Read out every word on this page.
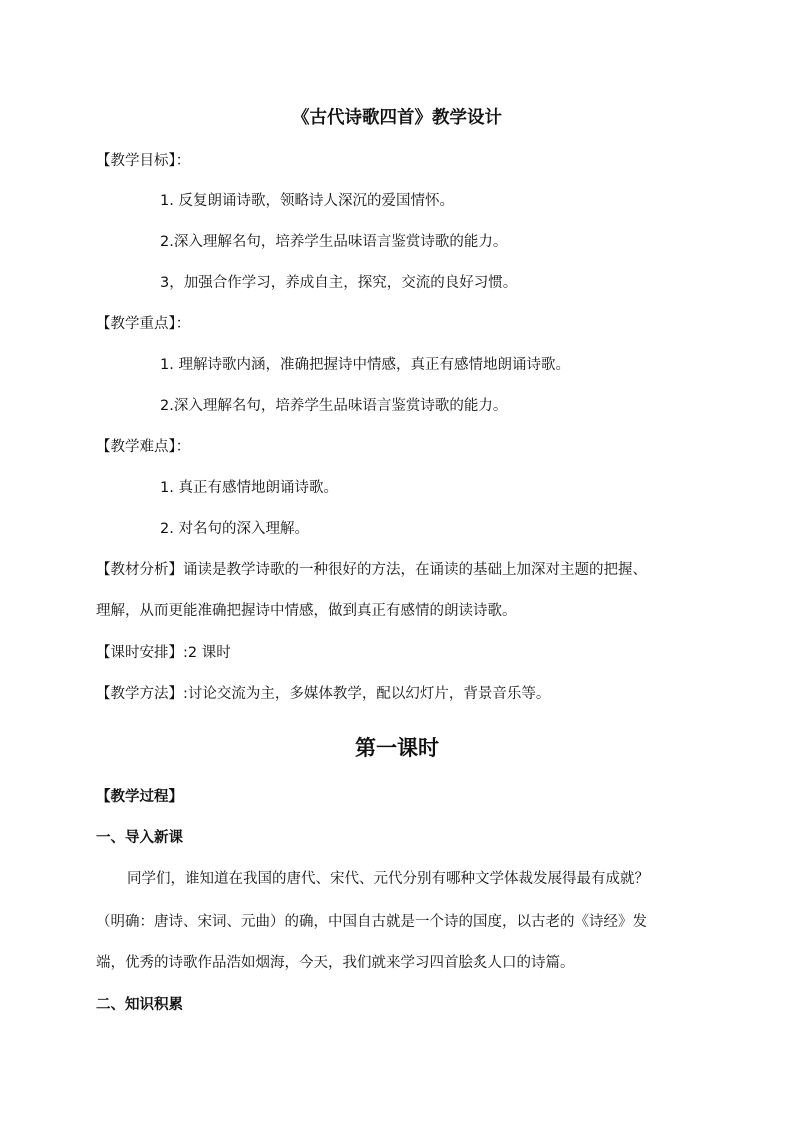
《古代诗歌四首》教学设计
【教学目标】：
1. 反复朗诵诗歌，领略诗人深沉的爱国情怀。
2.深入理解名句，培养学生品味语言鉴赏诗歌的能力。
3，加强合作学习，养成自主，探究，交流的良好习惯。
【教学重点】：
1. 理解诗歌内涵，准确把握诗中情感，真正有感情地朗诵诗歌。
2.深入理解名句，培养学生品味语言鉴赏诗歌的能力。
【教学难点】：
1. 真正有感情地朗诵诗歌。
2. 对名句的深入理解。
【教材分析】诵读是教学诗歌的一种很好的方法，在诵读的基础上加深对主题的把握、
理解，从而更能准确把握诗中情感，做到真正有感情的朗读诗歌。
【课时安排】:2 课时
【教学方法】:讨论交流为主，多媒体教学，配以幻灯片，背景音乐等。
第一课时
【教学过程】
一、导入新课
同学们，谁知道在我国的唐代、宋代、元代分别有哪种文学体裁发展得最有成就？
（明确：唐诗、宋词、元曲）的确，中国自古就是一个诗的国度，以古老的《诗经》发
端，优秀的诗歌作品浩如烟海，今天，我们就来学习四首脍炙人口的诗篇。
二、知识积累
